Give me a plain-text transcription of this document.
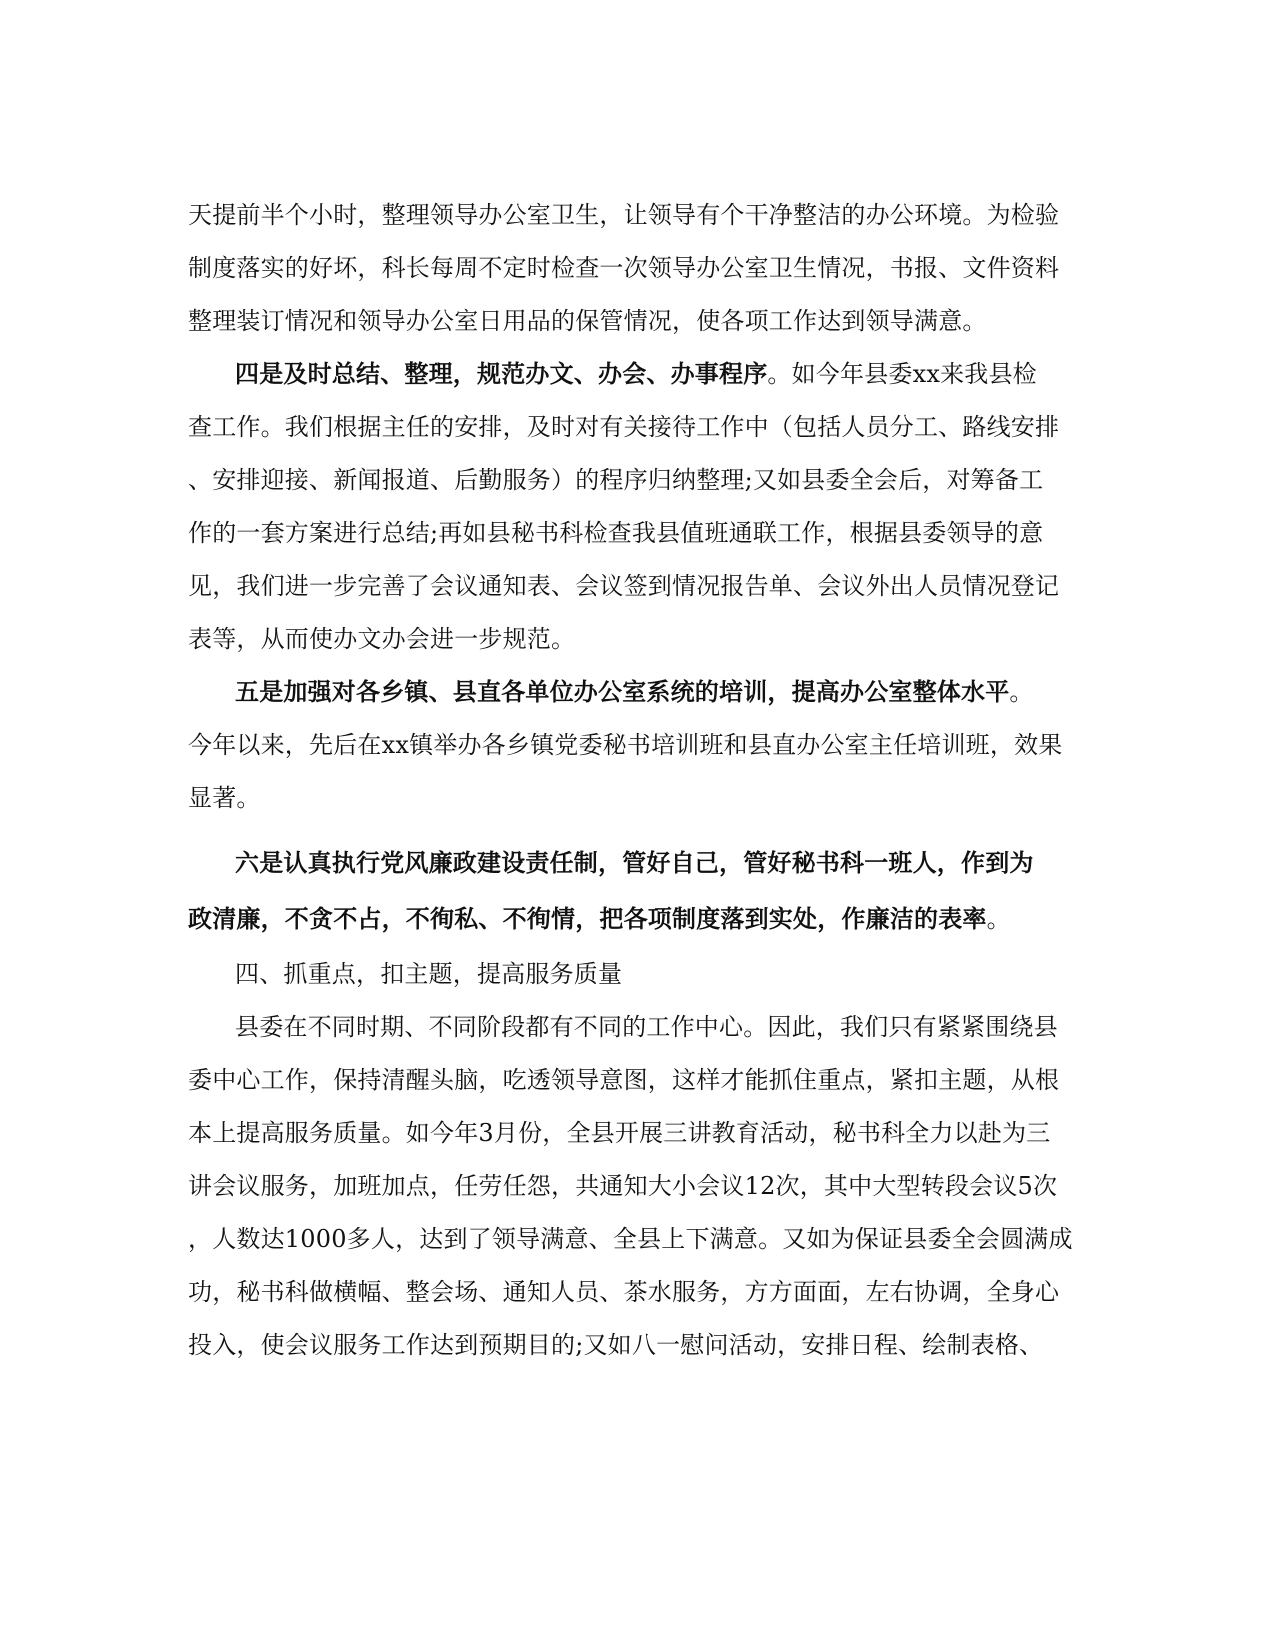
天提前半个小时，整理领导办公室卫生，让领导有个干净整洁的办公环境。为检验
制度落实的好坏，科长每周不定时检查一次领导办公室卫生情况，书报、文件资料
整理装订情况和领导办公室日用品的保管情况，使各项工作达到领导满意。
四是及时总结、整理，规范办文、办会、办事程序。如今年县委xx来我县检
查工作。我们根据主任的安排，及时对有关接待工作中（包括人员分工、路线安排
、安排迎接、新闻报道、后勤服务）的程序归纳整理;又如县委全会后，对筹备工
作的一套方案进行总结;再如县秘书科检查我县值班通联工作，根据县委领导的意
见，我们进一步完善了会议通知表、会议签到情况报告单、会议外出人员情况登记
表等，从而使办文办会进一步规范。
五是加强对各乡镇、县直各单位办公室系统的培训，提高办公室整体水平。
今年以来，先后在xx镇举办各乡镇党委秘书培训班和县直办公室主任培训班，效果
显著。
六是认真执行党风廉政建设责任制，管好自己，管好秘书科一班人，作到为
政清廉，不贪不占，不徇私、不徇情，把各项制度落到实处，作廉洁的表率。
四、抓重点，扣主题，提高服务质量
县委在不同时期、不同阶段都有不同的工作中心。因此，我们只有紧紧围绕县
委中心工作，保持清醒头脑，吃透领导意图，这样才能抓住重点，紧扣主题，从根
本上提高服务质量。如今年3月份，全县开展三讲教育活动，秘书科全力以赴为三
讲会议服务，加班加点，任劳任怨，共通知大小会议12次，其中大型转段会议5次
，人数达1000多人，达到了领导满意、全县上下满意。又如为保证县委全会圆满成
功，秘书科做横幅、整会场、通知人员、茶水服务，方方面面，左右协调，全身心
投入，使会议服务工作达到预期目的;又如八一慰问活动，安排日程、绘制表格、
